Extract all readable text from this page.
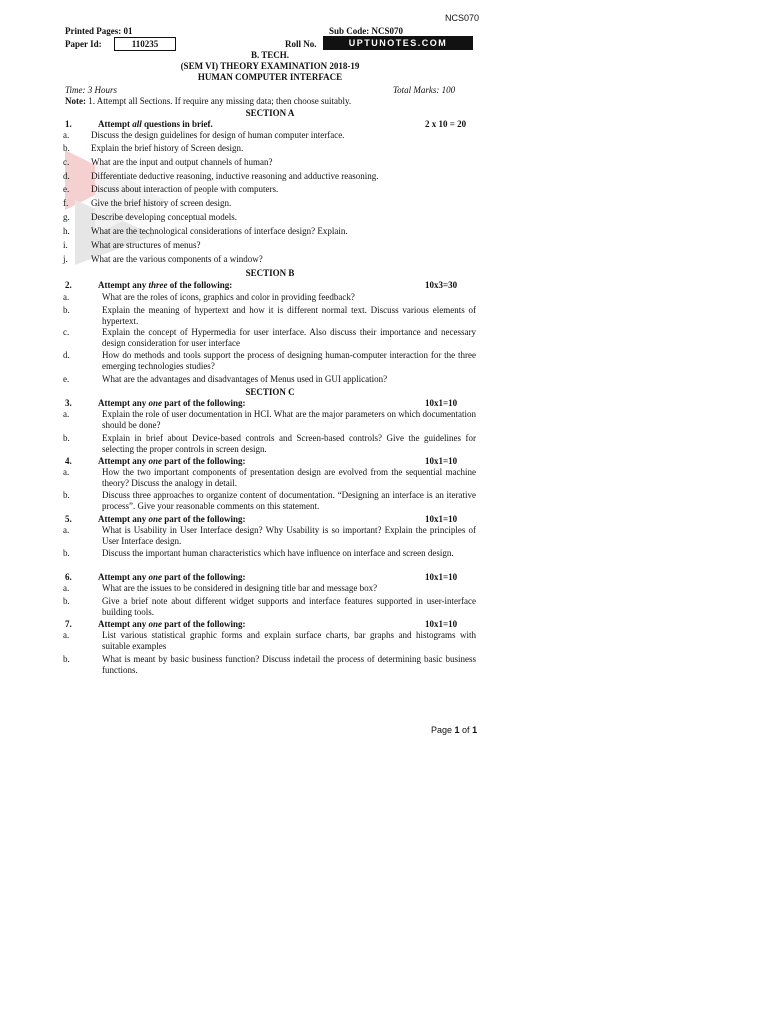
NCS070
Printed Pages: 01	Sub Code: NCS070
Paper Id:	110235	Roll No.	UPTUNOTES.COM
B. TECH.
(SEM VI) THEORY EXAMINATION 2018-19
HUMAN COMPUTER INTERFACE
Time: 3 Hours	Total Marks: 100
Note: 1. Attempt all Sections. If require any missing data; then choose suitably.
SECTION A
1.	Attempt all questions in brief.	2 x 10 = 20
a. Discuss the design guidelines for design of human computer interface.
b. Explain the brief history of Screen design.
c. What are the input and output channels of human?
d. Differentiate deductive reasoning, inductive reasoning and adductive reasoning.
e. Discuss about interaction of people with computers.
f.	Give the brief history of screen design.
g. Describe developing conceptual models.
h. What are the technological considerations of interface design? Explain.
i.	What are structures of menus?
j.	What are the various components of a window?
SECTION B
2.	Attempt any three of the following:	10x3=30
a.	What are the roles of icons, graphics and color in providing feedback?
b.	Explain the meaning of hypertext and how it is different normal text. Discuss various elements of hypertext.
c.	Explain the concept of Hypermedia for user interface. Also discuss their importance and necessary design consideration for user interface
d.	How do methods and tools support the process of designing human-computer interaction for the three emerging technologies studies?
e.	What are the advantages and disadvantages of Menus used in GUI application?
SECTION C
3.	Attempt any one part of the following:	10x1=10
a.	Explain the role of user documentation in HCI. What are the major parameters on which documentation should be done?
b.	Explain in brief about Device-based controls and Screen-based controls? Give the guidelines for selecting the proper controls in screen design.
4.	Attempt any one part of the following:	10x1=10
a.	How the two important components of presentation design are evolved from the sequential machine theory? Discuss the analogy in detail.
b.	Discuss three approaches to organize content of documentation. “Designing an interface is an iterative process”. Give your reasonable comments on this statement.
5.	Attempt any one part of the following:	10x1=10
a.	What is Usability in User Interface design? Why Usability is so important? Explain the principles of User Interface design.
b.	Discuss the important human characteristics which have influence on interface and screen design.
6.	Attempt any one part of the following:	10x1=10
a.	What are the issues to be considered in designing title bar and message box?
b.	Give a brief note about different widget supports and interface features supported in user-interface building tools.
7.	Attempt any one part of the following:	10x1=10
a.	List various statistical graphic forms and explain surface charts, bar graphs and histograms with suitable examples
b.	What is meant by basic business function? Discuss indetail the process of determining basic business functions.
Page 1 of 1
